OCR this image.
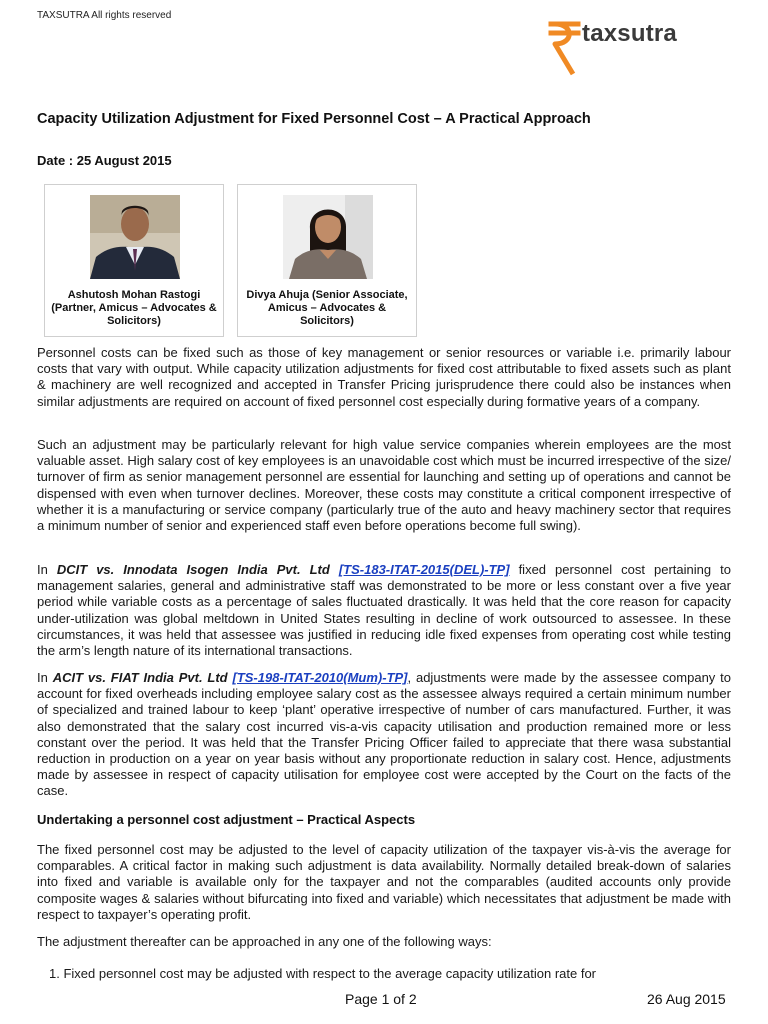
TAXSUTRA All rights reserved
taxsutra
Capacity Utilization Adjustment for Fixed Personnel Cost – A Practical Approach
Date : 25 August 2015
Ashutosh Mohan Rastogi (Partner, Amicus – Advocates & Solicitors)
Divya Ahuja (Senior Associate, Amicus – Advocates & Solicitors)

Personnel costs can be fixed such as those of key management or senior resources or variable i.e. primarily labour costs that vary with output. While capacity utilization adjustments for fixed cost attributable to fixed assets such as plant & machinery are well recognized and accepted in Transfer Pricing jurisprudence there could also be instances when similar adjustments are required on account of fixed personnel cost especially during formative years of a company.

Such an adjustment may be particularly relevant for high value service companies wherein employees are the most valuable asset. High salary cost of key employees is an unavoidable cost which must be incurred irrespective of the size/ turnover of firm as senior management personnel are essential for launching and setting up of operations and cannot be dispensed with even when turnover declines. Moreover, these costs may constitute a critical component irrespective of whether it is a manufacturing or service company (particularly true of the auto and heavy machinery sector that requires a minimum number of senior and experienced staff even before operations become full swing).

In DCIT vs. Innodata Isogen India Pvt. Ltd [TS-183-ITAT-2015(DEL)-TP] fixed personnel cost pertaining to management salaries, general and administrative staff was demonstrated to be more or less constant over a five year period while variable costs as a percentage of sales fluctuated drastically. It was held that the core reason for capacity under-utilization was global meltdown in United States resulting in decline of work outsourced to assessee. In these circumstances, it was held that assessee was justified in reducing idle fixed expenses from operating cost while testing the arm’s length nature of its international transactions.

In ACIT vs. FIAT India Pvt. Ltd [TS-198-ITAT-2010(Mum)-TP], adjustments were made by the assessee company to account for fixed overheads including employee salary cost as the assessee always required a certain minimum number of specialized and trained labour to keep ‘plant’ operative irrespective of number of cars manufactured. Further, it was also demonstrated that the salary cost incurred vis-a-vis capacity utilisation and production remained more or less constant over the period. It was held that the Transfer Pricing Officer failed to appreciate that there wasa substantial reduction in production on a year on year basis without any proportionate reduction in salary cost. Hence, adjustments made by assessee in respect of capacity utilisation for employee cost were accepted by the Court on the facts of the case.

Undertaking a personnel cost adjustment – Practical Aspects

The fixed personnel cost may be adjusted to the level of capacity utilization of the taxpayer vis-à-vis the average for comparables. A critical factor in making such adjustment is data availability. Normally detailed break-down of salaries into fixed and variable is available only for the taxpayer and not the comparables (audited accounts only provide composite wages & salaries without bifurcating into fixed and variable) which necessitates that adjustment be made with respect to taxpayer’s operating profit.

The adjustment thereafter can be approached in any one of the following ways:

1. Fixed personnel cost may be adjusted with respect to the average capacity utilization rate for
Page 1 of 2	26 Aug 2015
